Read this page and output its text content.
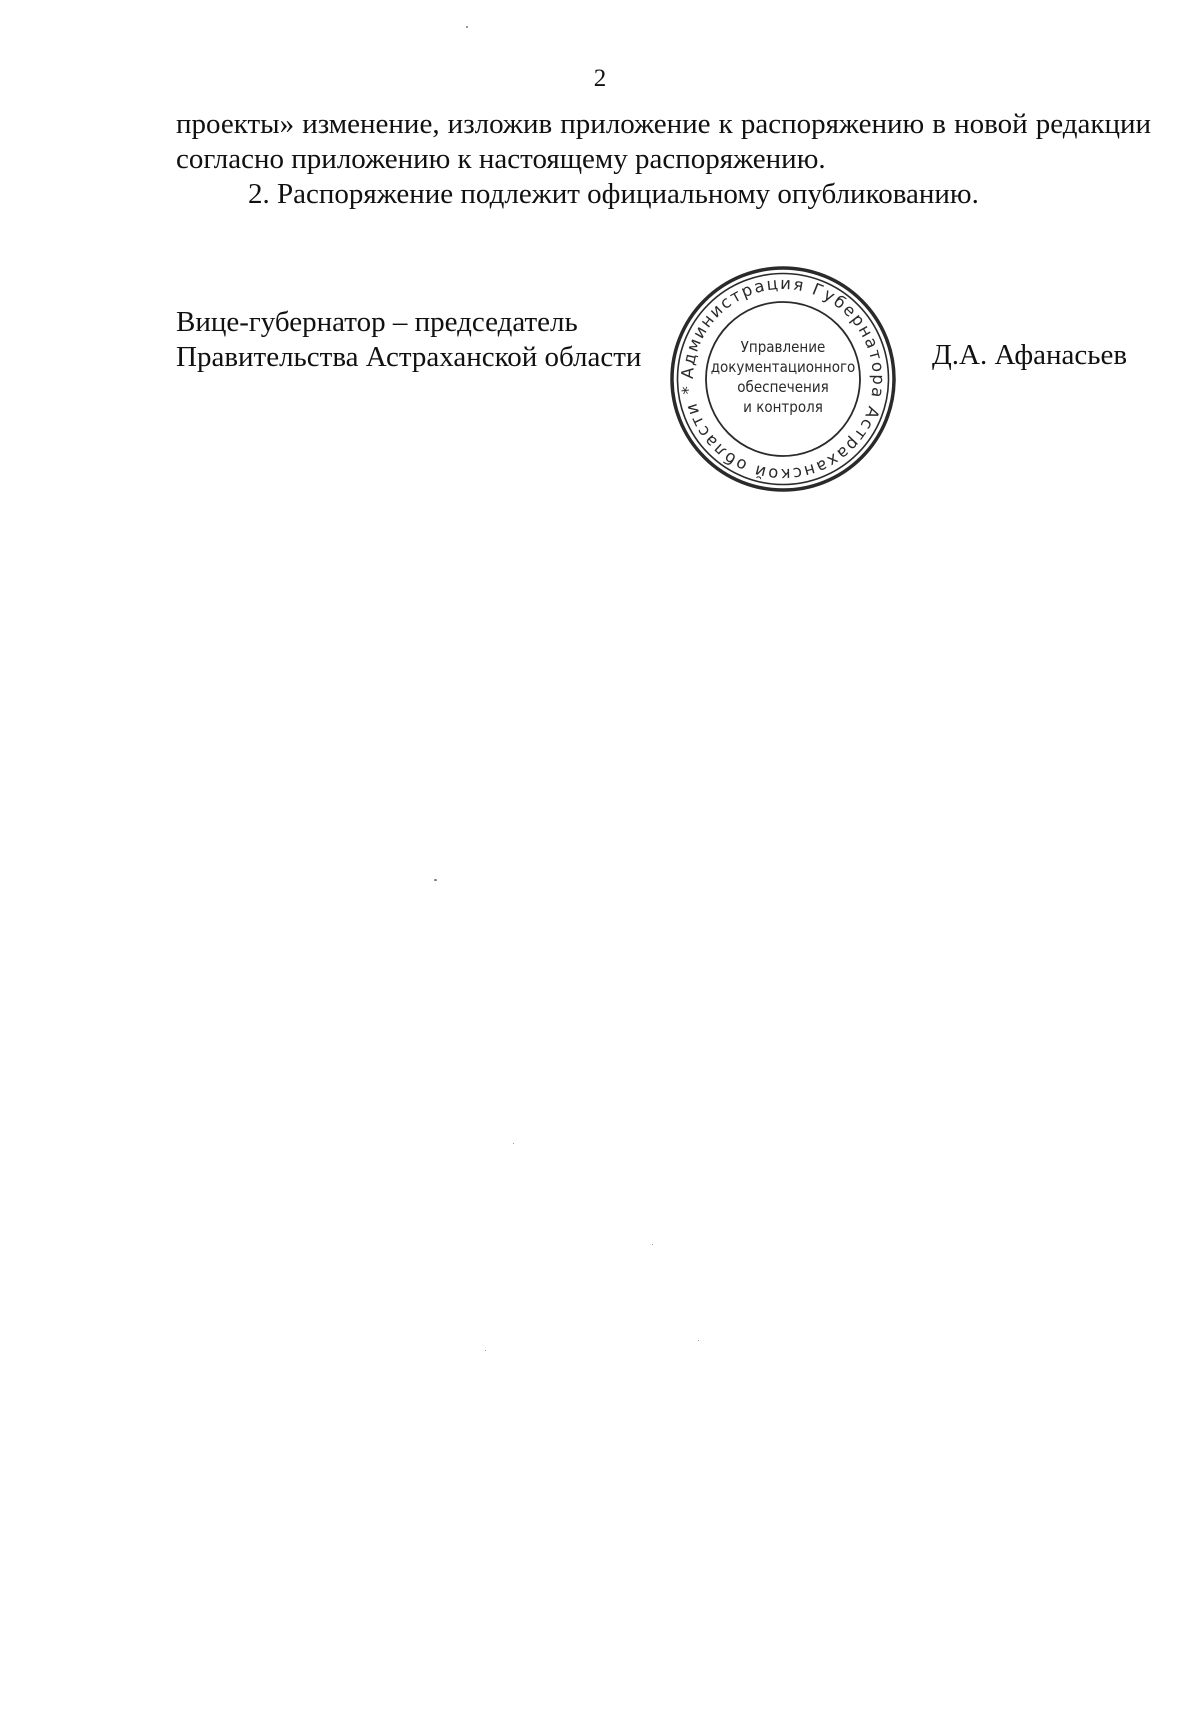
2

проекты» изменение, изложив приложение к распоряжению в новой редакции
согласно приложению к настоящему распоряжению.

2. Распоряжение подлежит официальному опубликованию.

Вице-губернатор – председатель
Правительства Астраханской области Администрация Губернатора Астраханской области *
Управление
документационного
обеспечения
и контроля
Д.А. Афанасьев
